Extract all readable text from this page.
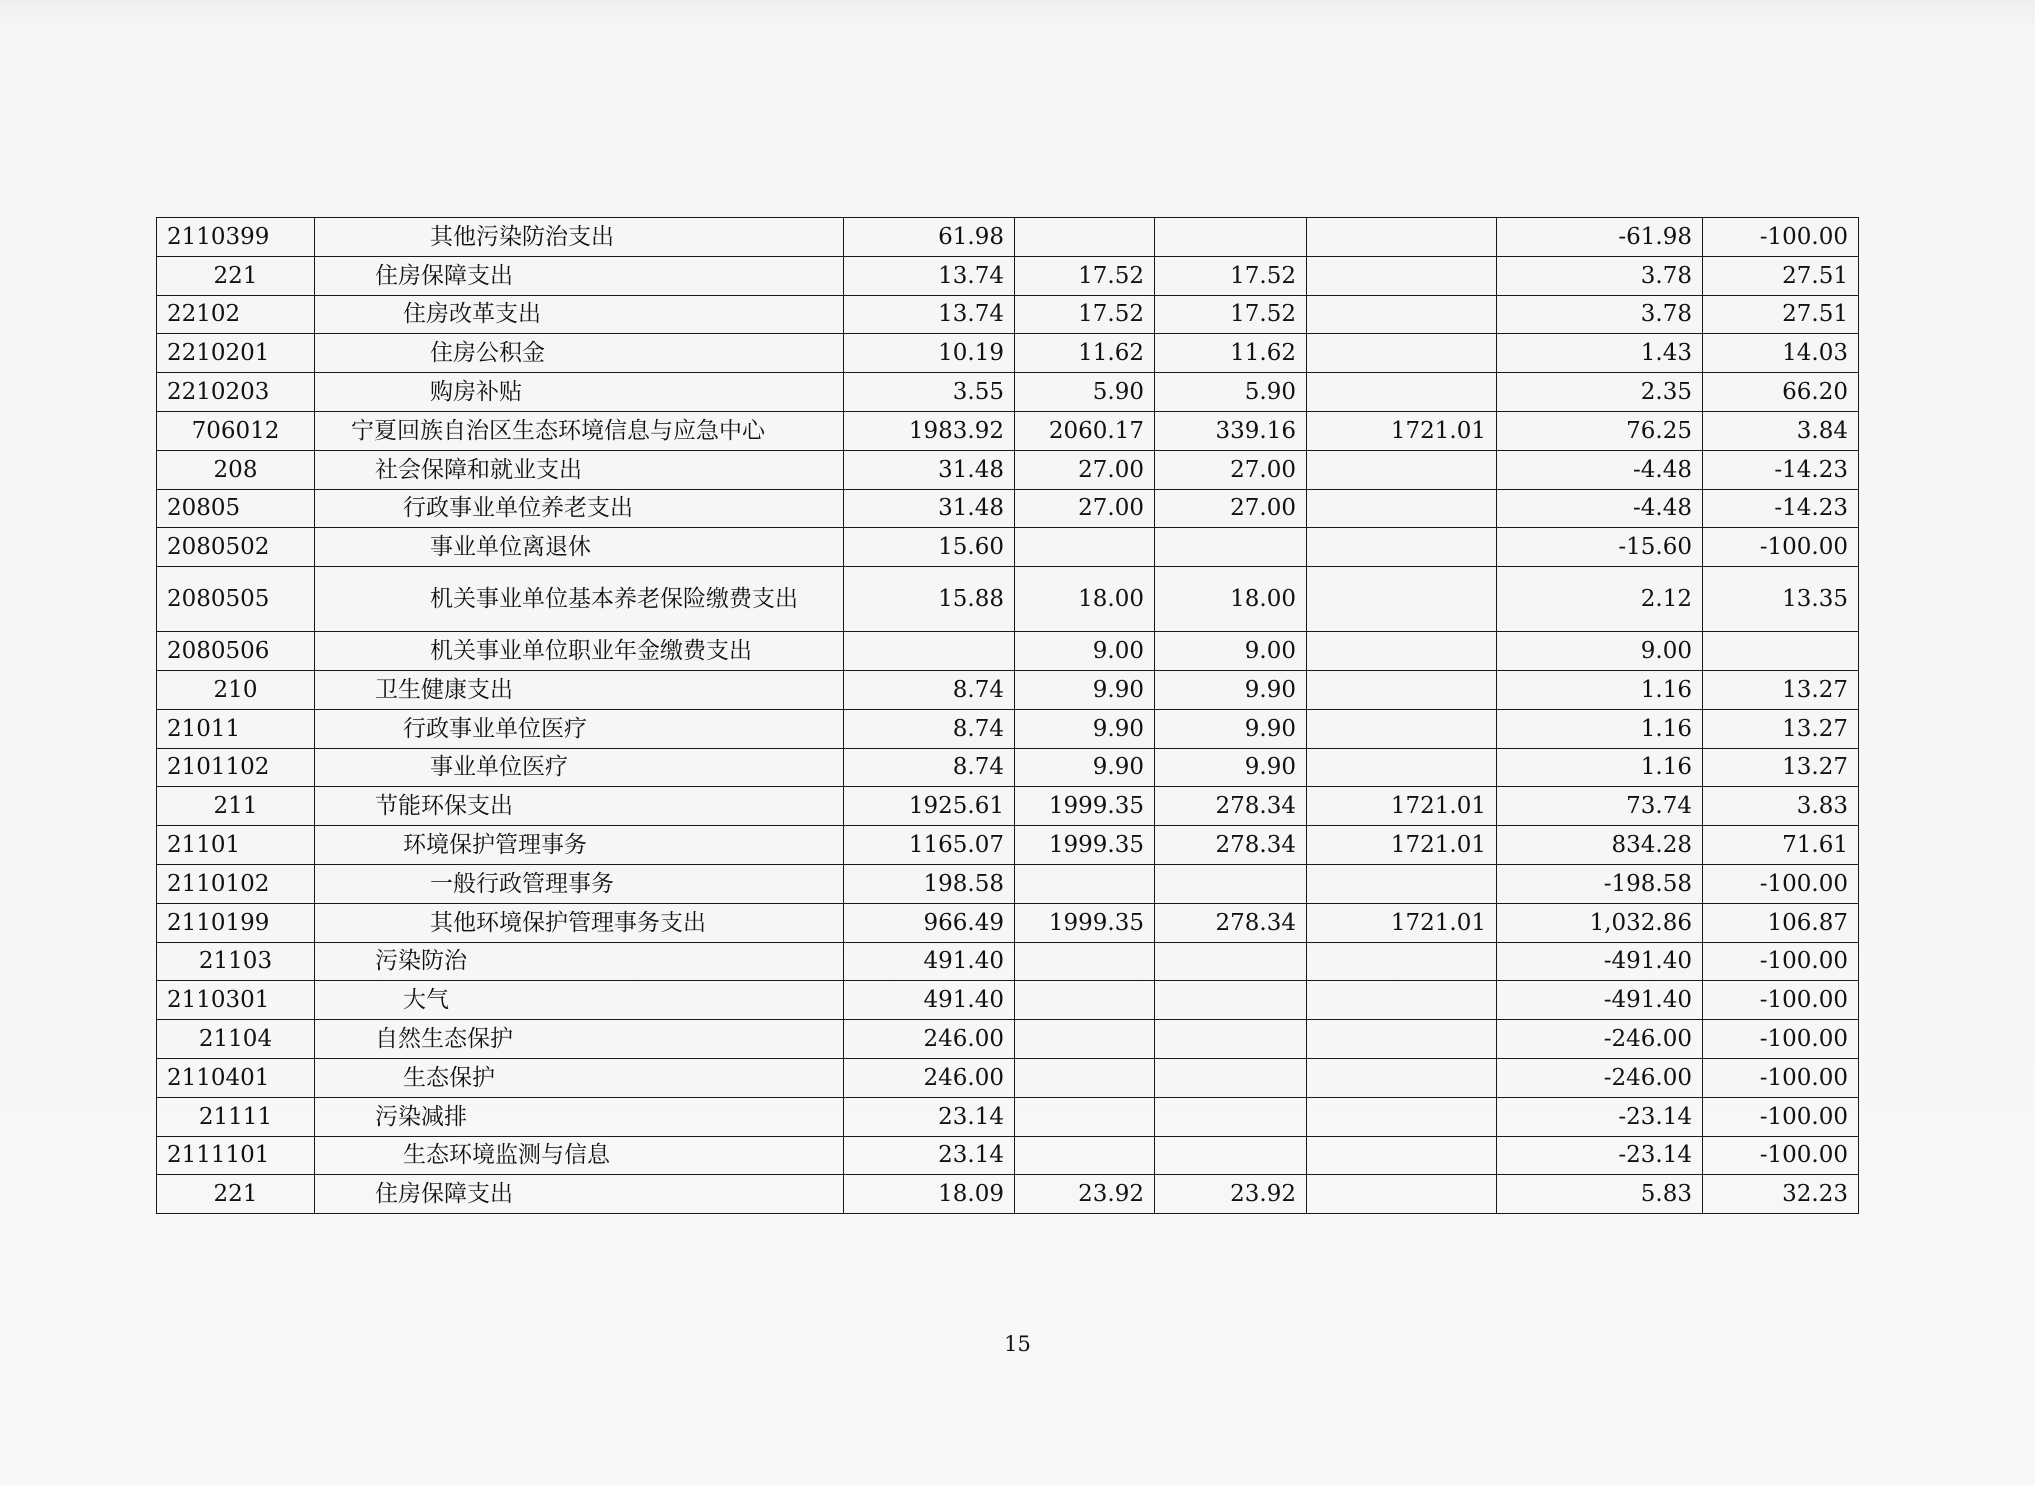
2110399	其他污染防治支出	61.98				-61.98	-100.00
221	住房保障支出	13.74	17.52	17.52		3.78	27.51
22102	住房改革支出	13.74	17.52	17.52		3.78	27.51
2210201	住房公积金	10.19	11.62	11.62		1.43	14.03
2210203	购房补贴	3.55	5.90	5.90		2.35	66.20
706012	宁夏回族自治区生态环境信息与应急中心	1983.92	2060.17	339.16	1721.01	76.25	3.84
208	社会保障和就业支出	31.48	27.00	27.00		-4.48	-14.23
20805	行政事业单位养老支出	31.48	27.00	27.00		-4.48	-14.23
2080502	事业单位离退休	15.60				-15.60	-100.00
2080505	机关事业单位基本养老保险缴费支出	15.88	18.00	18.00		2.12	13.35
2080506	机关事业单位职业年金缴费支出		9.00	9.00		9.00	
210	卫生健康支出	8.74	9.90	9.90		1.16	13.27
21011	行政事业单位医疗	8.74	9.90	9.90		1.16	13.27
2101102	事业单位医疗	8.74	9.90	9.90		1.16	13.27
211	节能环保支出	1925.61	1999.35	278.34	1721.01	73.74	3.83
21101	环境保护管理事务	1165.07	1999.35	278.34	1721.01	834.28	71.61
2110102	一般行政管理事务	198.58				-198.58	-100.00
2110199	其他环境保护管理事务支出	966.49	1999.35	278.34	1721.01	1,032.86	106.87
21103	污染防治	491.40				-491.40	-100.00
2110301	大气	491.40				-491.40	-100.00
21104	自然生态保护	246.00				-246.00	-100.00
2110401	生态保护	246.00				-246.00	-100.00
21111	污染减排	23.14				-23.14	-100.00
2111101	生态环境监测与信息	23.14				-23.14	-100.00
221	住房保障支出	18.09	23.92	23.92		5.83	32.23
15
